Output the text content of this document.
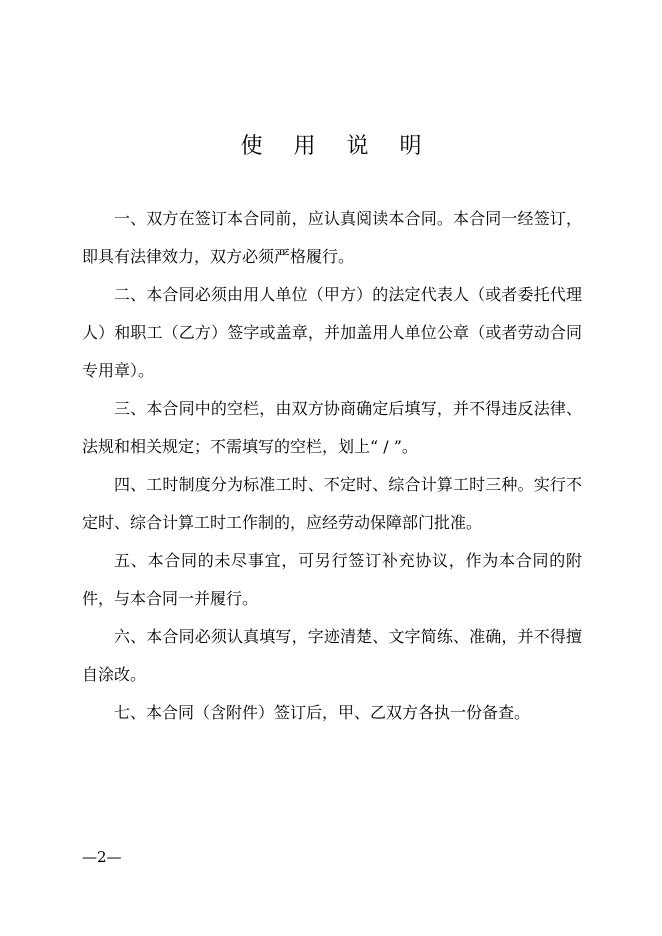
使 用 说 明

一、双方在签订本合同前，应认真阅读本合同。本合同一经签订，即具有法律效力，双方必须严格履行。

二、本合同必须由用人单位（甲方）的法定代表人（或者委托代理人）和职工（乙方）签字或盖章，并加盖用人单位公章（或者劳动合同专用章）。

三、本合同中的空栏，由双方协商确定后填写，并不得违反法律、法规和相关规定；不需填写的空栏，划上“ / ”。

四、工时制度分为标准工时、不定时、综合计算工时三种。实行不定时、综合计算工时工作制的，应经劳动保障部门批准。

五、本合同的未尽事宜，可另行签订补充协议，作为本合同的附件，与本合同一并履行。

六、本合同必须认真填写，字迹清楚、文字简练、准确，并不得擅自涂改。

七、本合同（含附件）签订后，甲、乙双方各执一份备查。

—2—
